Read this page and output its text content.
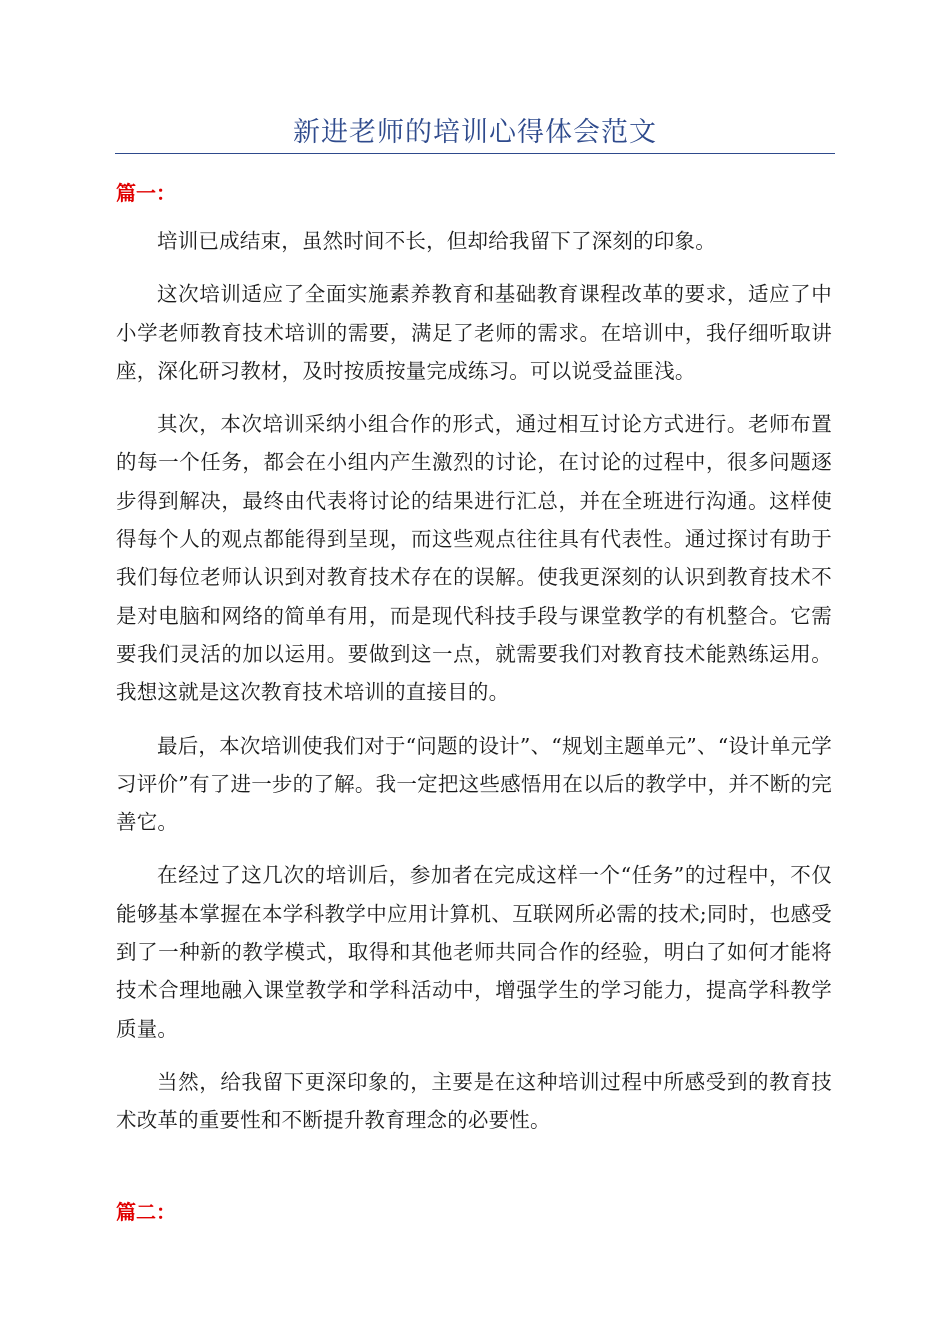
新进老师的培训心得体会范文
篇一：

培训已成结束，虽然时间不长，但却给我留下了深刻的印象。

这次培训适应了全面实施素养教育和基础教育课程改革的要求，适应了中小学老师教育技术培训的需要，满足了老师的需求。在培训中，我仔细听取讲座，深化研习教材，及时按质按量完成练习。可以说受益匪浅。

其次，本次培训采纳小组合作的形式，通过相互讨论方式进行。老师布置的每一个任务，都会在小组内产生激烈的讨论，在讨论的过程中，很多问题逐步得到解决，最终由代表将讨论的结果进行汇总，并在全班进行沟通。这样使得每个人的观点都能得到呈现，而这些观点往往具有代表性。通过探讨有助于我们每位老师认识到对教育技术存在的误解。使我更深刻的认识到教育技术不是对电脑和网络的简单有用，而是现代科技手段与课堂教学的有机整合。它需要我们灵活的加以运用。要做到这一点，就需要我们对教育技术能熟练运用。我想这就是这次教育技术培训的直接目的。

最后，本次培训使我们对于“问题的设计”、“规划主题单元”、“设计单元学习评价”有了进一步的了解。我一定把这些感悟用在以后的教学中，并不断的完善它。

在经过了这几次的培训后，参加者在完成这样一个“任务”的过程中，不仅能够基本掌握在本学科教学中应用计算机、互联网所必需的技术;同时，也感受到了一种新的教学模式，取得和其他老师共同合作的经验，明白了如何才能将技术合理地融入课堂教学和学科活动中，增强学生的学习能力，提高学科教学质量。

当然，给我留下更深印象的，主要是在这种培训过程中所感受到的教育技术改革的重要性和不断提升教育理念的必要性。

篇二：
